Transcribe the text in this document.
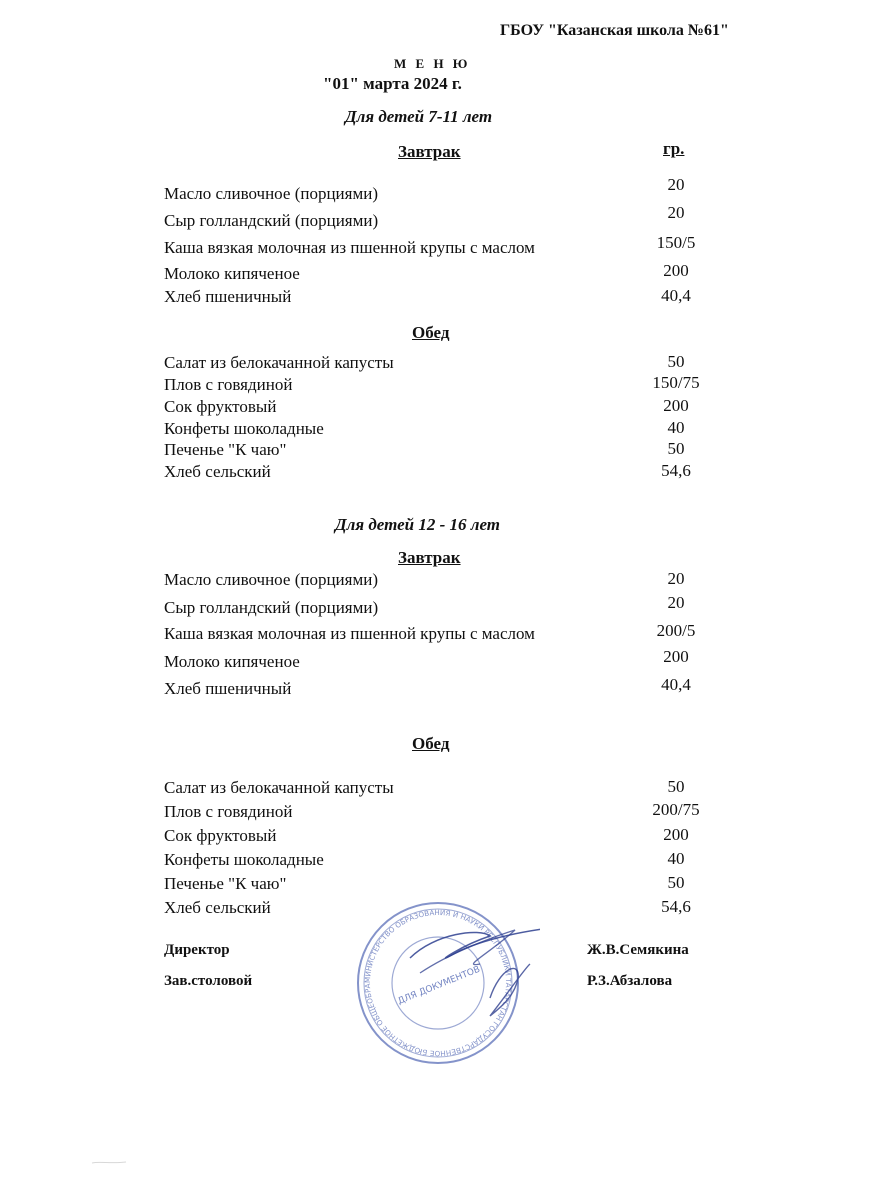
ГБОУ "Казанская школа №61"
М Е Н Ю
"01" марта 2024 г.
Для детей 7-11 лет
Завтрак	гр.
Масло сливочное (порциями)	20
Сыр голландский (порциями)	20
Каша вязкая молочная из пшенной крупы с маслом	150/5
Молоко кипяченое	200
Хлеб пшеничный	40,4
Обед
Салат из белокачанной капусты	50
Плов с говядиной	150/75
Сок фруктовый	200
Конфеты шоколадные	40
Печенье "К чаю"	50
Хлеб сельский	54,6
Для детей 12 - 16 лет
Завтрак
Масло сливочное (порциями)	20
Сыр голландский (порциями)	20
Каша вязкая молочная из пшенной крупы с маслом	200/5
Молоко кипяченое	200
Хлеб пшеничный	40,4
Обед
Салат из белокачанной капусты	50
Плов с говядиной	200/75
Сок фруктовый	200
Конфеты шоколадные	40
Печенье "К чаю"	50
Хлеб сельский	54,6
Директор	Ж.В.Семякина
Зав.столовой	Р.З.Абзалова
МИНИСТЕРСТВО ОБРАЗОВАНИЯ И НАУКИ РЕСПУБЛИКИ ТАТАРСТАН ГОСУДАРСТВЕННОЕ БЮДЖЕТНОЕ ОБЩЕОБРА	ДЛЯ ДОКУМЕНТОВ
